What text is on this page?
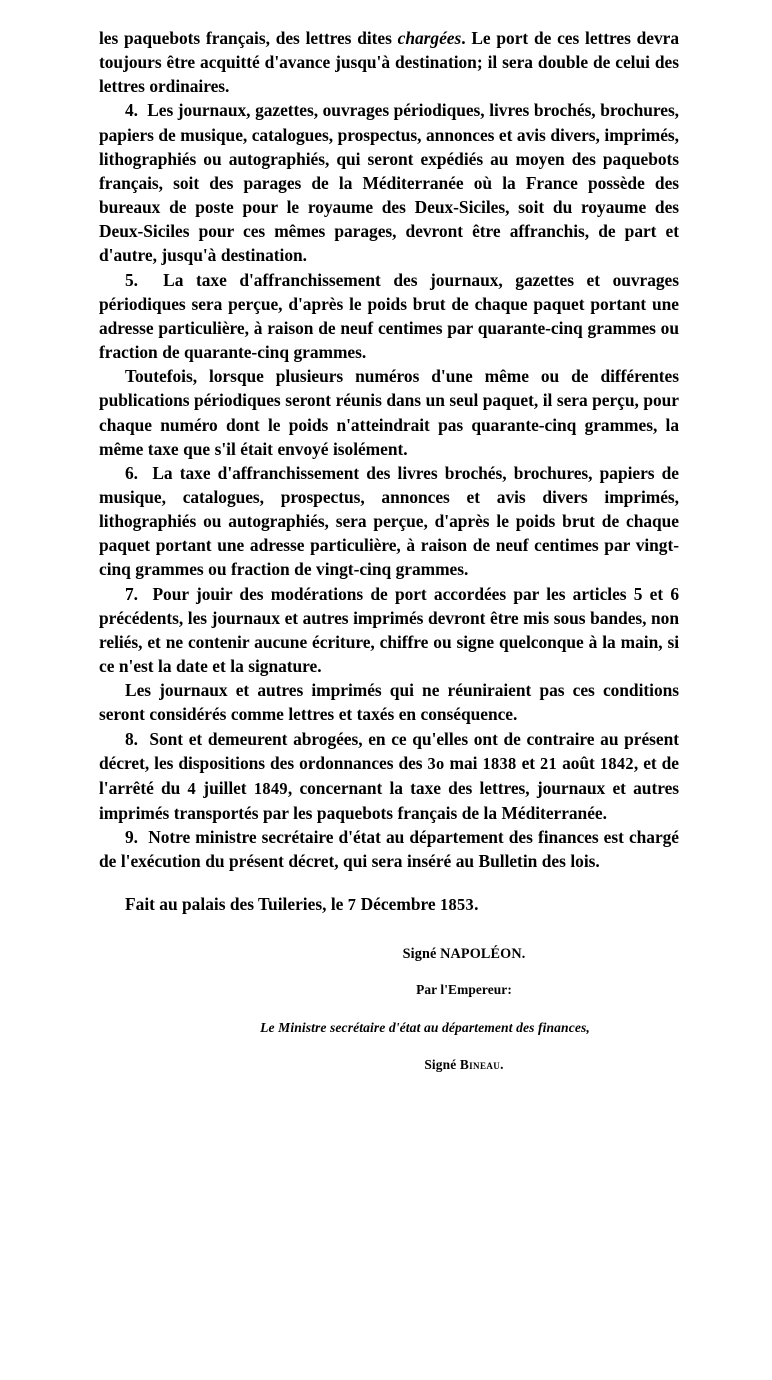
les paquebots français, des lettres dites chargées. Le port de ces lettres devra toujours être acquitté d'avance jusqu'à destination; il sera double de celui des lettres ordinaires.

4. Les journaux, gazettes, ouvrages périodiques, livres brochés, brochures, papiers de musique, catalogues, prospectus, annonces et avis divers, imprimés, lithographiés ou autographiés, qui seront expédiés au moyen des paquebots français, soit des parages de la Méditerranée où la France possède des bureaux de poste pour le royaume des Deux-Siciles, soit du royaume des Deux-Siciles pour ces mêmes parages, devront être affranchis, de part et d'autre, jusqu'à destination.

5. La taxe d'affranchissement des journaux, gazettes et ouvrages périodiques sera perçue, d'après le poids brut de chaque paquet portant une adresse particulière, à raison de neuf centimes par quarante-cinq grammes ou fraction de quarante-cinq grammes.

Toutefois, lorsque plusieurs numéros d'une même ou de différentes publications périodiques seront réunis dans un seul paquet, il sera perçu, pour chaque numéro dont le poids n'atteindrait pas quarante-cinq grammes, la même taxe que s'il était envoyé isolément.

6. La taxe d'affranchissement des livres brochés, brochures, papiers de musique, catalogues, prospectus, annonces et avis divers imprimés, lithographiés ou autographiés, sera perçue, d'après le poids brut de chaque paquet portant une adresse particulière, à raison de neuf centimes par vingt-cinq grammes ou fraction de vingt-cinq grammes.

7. Pour jouir des modérations de port accordées par les articles 5 et 6 précédents, les journaux et autres imprimés devront être mis sous bandes, non reliés, et ne contenir aucune écriture, chiffre ou signe quelconque à la main, si ce n'est la date et la signature.

Les journaux et autres imprimés qui ne réuniraient pas ces conditions seront considérés comme lettres et taxés en conséquence.

8. Sont et demeurent abrogées, en ce qu'elles ont de contraire au présent décret, les dispositions des ordonnances des 3o mai 1838 et 21 août 1842, et de l'arrêté du 4 juillet 1849, concernant la taxe des lettres, journaux et autres imprimés transportés par les paquebots français de la Méditerranée.

9. Notre ministre secrétaire d'état au département des finances est chargé de l'exécution du présent décret, qui sera inséré au Bulletin des lois.

Fait au palais des Tuileries, le 7 Décembre 1853.

Signé NAPOLÉON.
Par l'Empereur:
Le Ministre secrétaire d'état au département des finances,
Signé Bineau.
